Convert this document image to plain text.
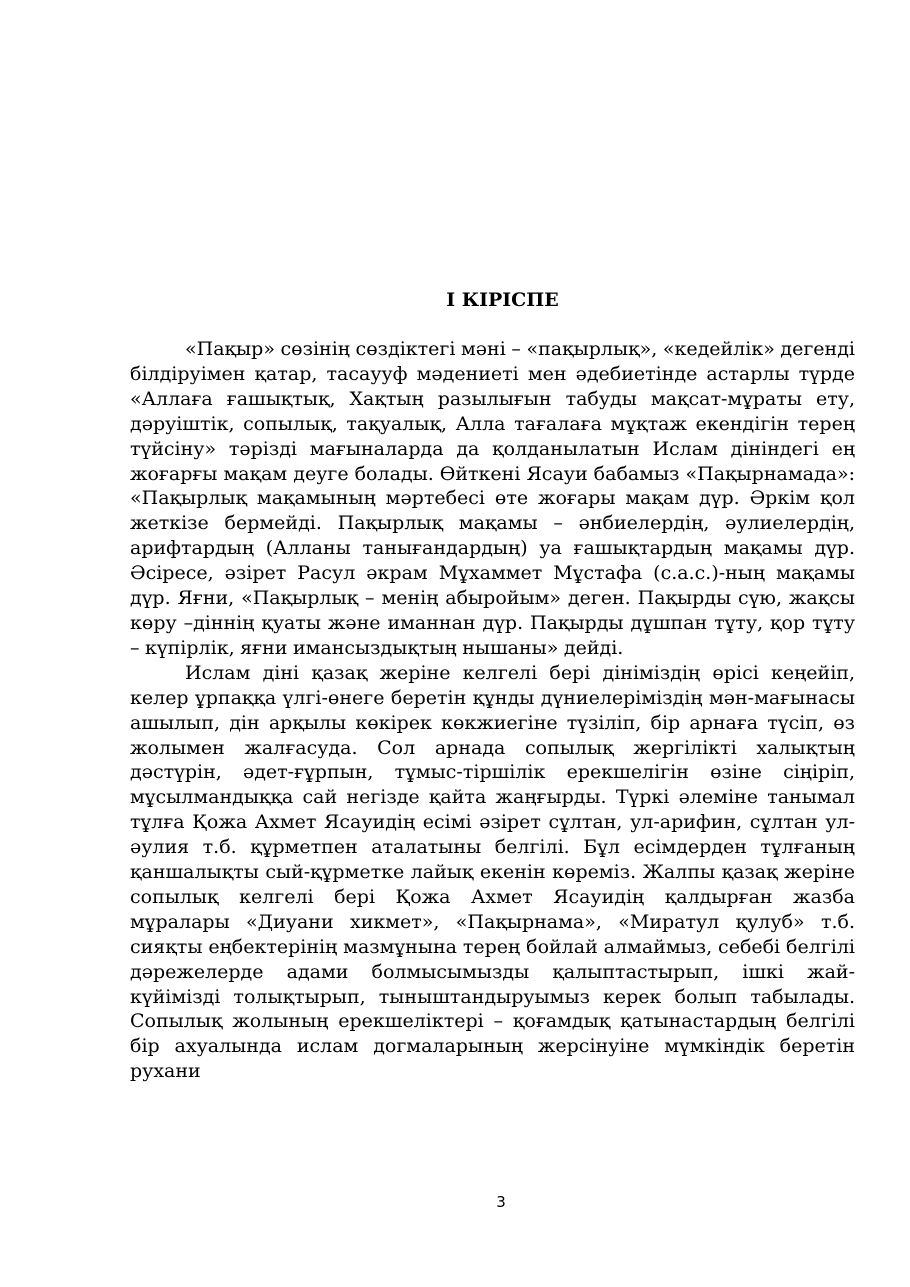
І КІРІСПЕ

«Пақыр» сөзінің сөздіктегі мәні – «пақырлық», «кедейлік» дегенді білдіруімен қатар, тасаууф мәдениеті мен әдебиетінде астарлы түрде «Аллаға ғашықтық, Хақтың разылығын табуды мақсат-мұраты ету, дәруіштік, сопылық, тақуалық, Алла тағалаға мұқтаж екендігін терең түйсіну» тәрізді мағыналарда да қолданылатын Ислам дініндегі ең жоғарғы мақам деуге болады. Өйткені Ясауи бабамыз «Пақырнамада»: «Пақырлық мақамының мәртебесі өте жоғары мақам дүр. Әркім қол жеткізе бермейді. Пақырлық мақамы – әнбиелердің, әулиелердің, арифтардың (Алланы танығандардың) уа ғашықтардың мақамы дүр. Әсіресе, әзірет Расул әкрам Мұхаммет Мұстафа (с.а.с.)-ның мақамы дүр. Яғни, «Пақырлық – менің абыройым» деген. Пақырды сүю, жақсы көру –діннің қуаты және иманнан дүр. Пақырды дұшпан тұту, қор тұту – күпірлік, яғни имансыздықтың нышаны» дейді.

Ислам діні қазақ жеріне келгелі бері дініміздің өрісі кеңейіп, келер ұрпаққа үлгі-өнеге беретін құнды дүниелеріміздің мән-мағынасы ашылып, дін арқылы көкірек көкжиегіне түзіліп, бір арнаға түсіп, өз жолымен жалғасуда. Сол арнада сопылық жергілікті халықтың дәстүрін, әдет-ғұрпын, тұмыс-тіршілік ерекшелігін өзіне сіңіріп, мұсылмандыққа сай негізде қайта жаңғырды. Түркі әлеміне танымал тұлға Қожа Ахмет Ясауидің есімі әзірет сұлтан, ул-арифин, сұлтан ул-әулия т.б. құрметпен аталатыны белгілі. Бұл есімдерден тұлғаның қаншалықты сый-құрметке лайық екенін көреміз. Жалпы қазақ жеріне сопылық келгелі бері Қожа Ахмет Ясауидің қалдырған жазба мұралары «Диуани хикмет», «Пақырнама», «Миратул қулуб» т.б. сияқты еңбектерінің мазмұнына терең бойлай алмаймыз, себебі белгілі дәрежелерде адами болмысымызды қалыптастырып, ішкі жай-күйімізді толықтырып, тыныштандыруымыз керек болып табылады. Сопылық жолының ерекшеліктері – қоғамдық қатынастардың белгілі бір ахуалында ислам догмаларының жерсінуіне мүмкіндік беретін рухани

3
